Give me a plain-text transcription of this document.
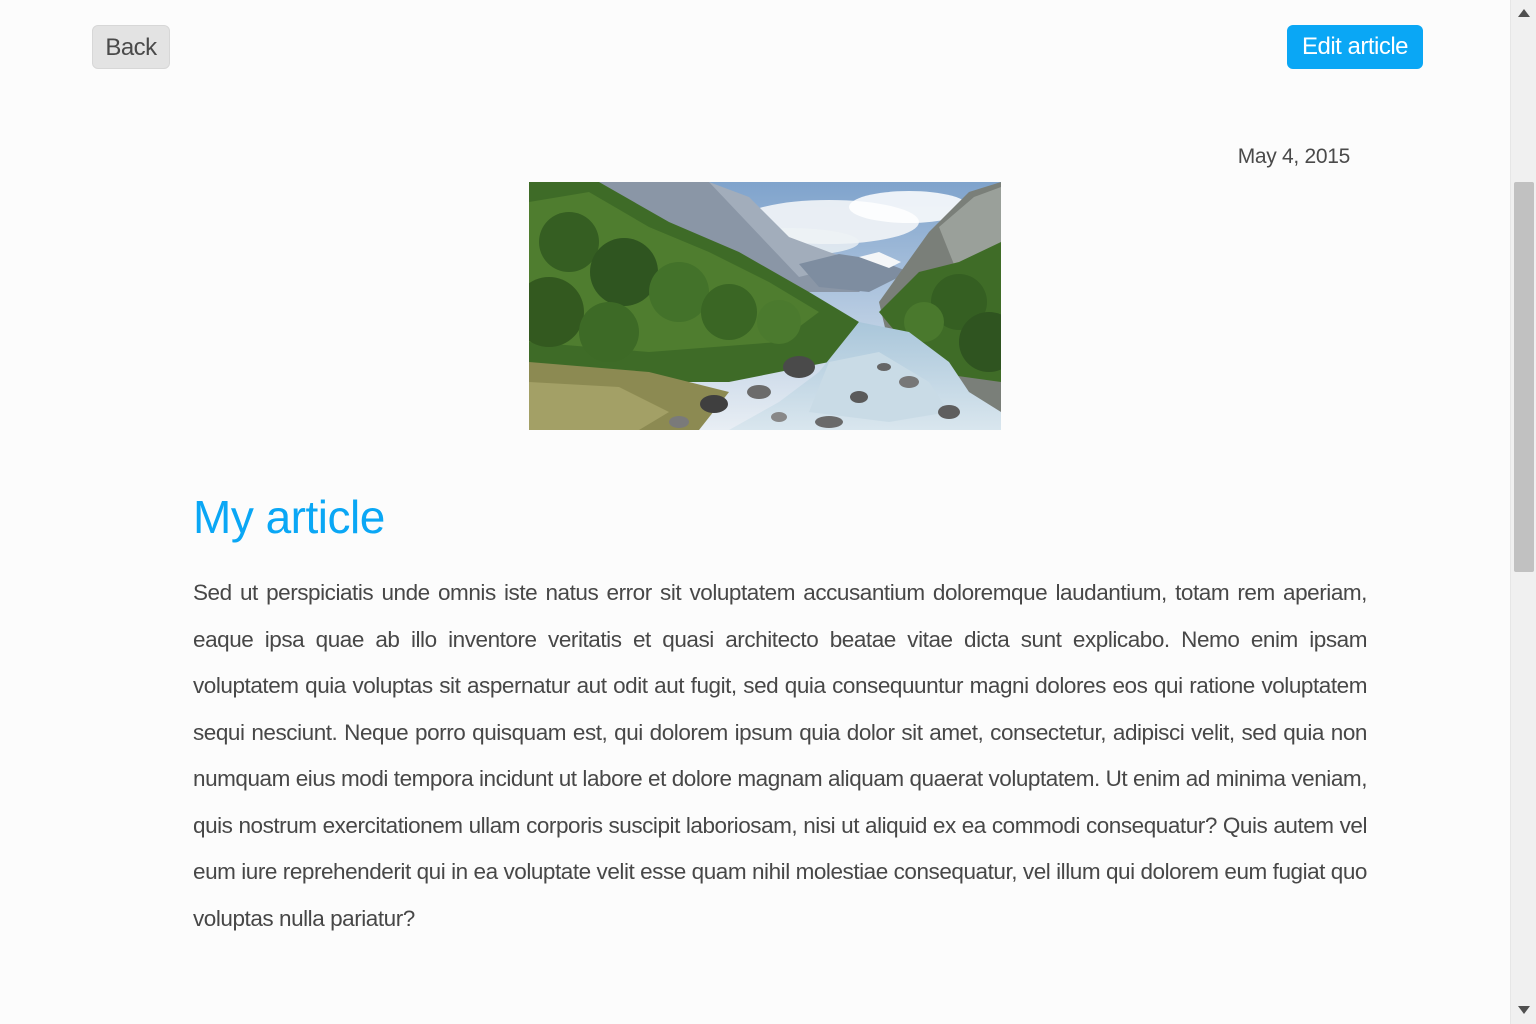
Back	Edit article
May 4, 2015
My article

Sed ut perspiciatis unde omnis iste natus error sit voluptatem accusantium doloremque laudantium, totam rem aperiam, eaque ipsa quae ab illo inventore veritatis et quasi architecto beatae vitae dicta sunt explicabo. Nemo enim ipsam voluptatem quia voluptas sit aspernatur aut odit aut fugit, sed quia consequuntur magni dolores eos qui ratione voluptatem sequi nesciunt. Neque porro quisquam est, qui dolorem ipsum quia dolor sit amet, consectetur, adipisci velit, sed quia non numquam eius modi tempora incidunt ut labore et dolore magnam aliquam quaerat voluptatem. Ut enim ad minima veniam, quis nostrum exercitationem ullam corporis suscipit laboriosam, nisi ut aliquid ex ea commodi consequatur? Quis autem vel eum iure reprehenderit qui in ea voluptate velit esse quam nihil molestiae consequatur, vel illum qui dolorem eum fugiat quo voluptas nulla pariatur?
